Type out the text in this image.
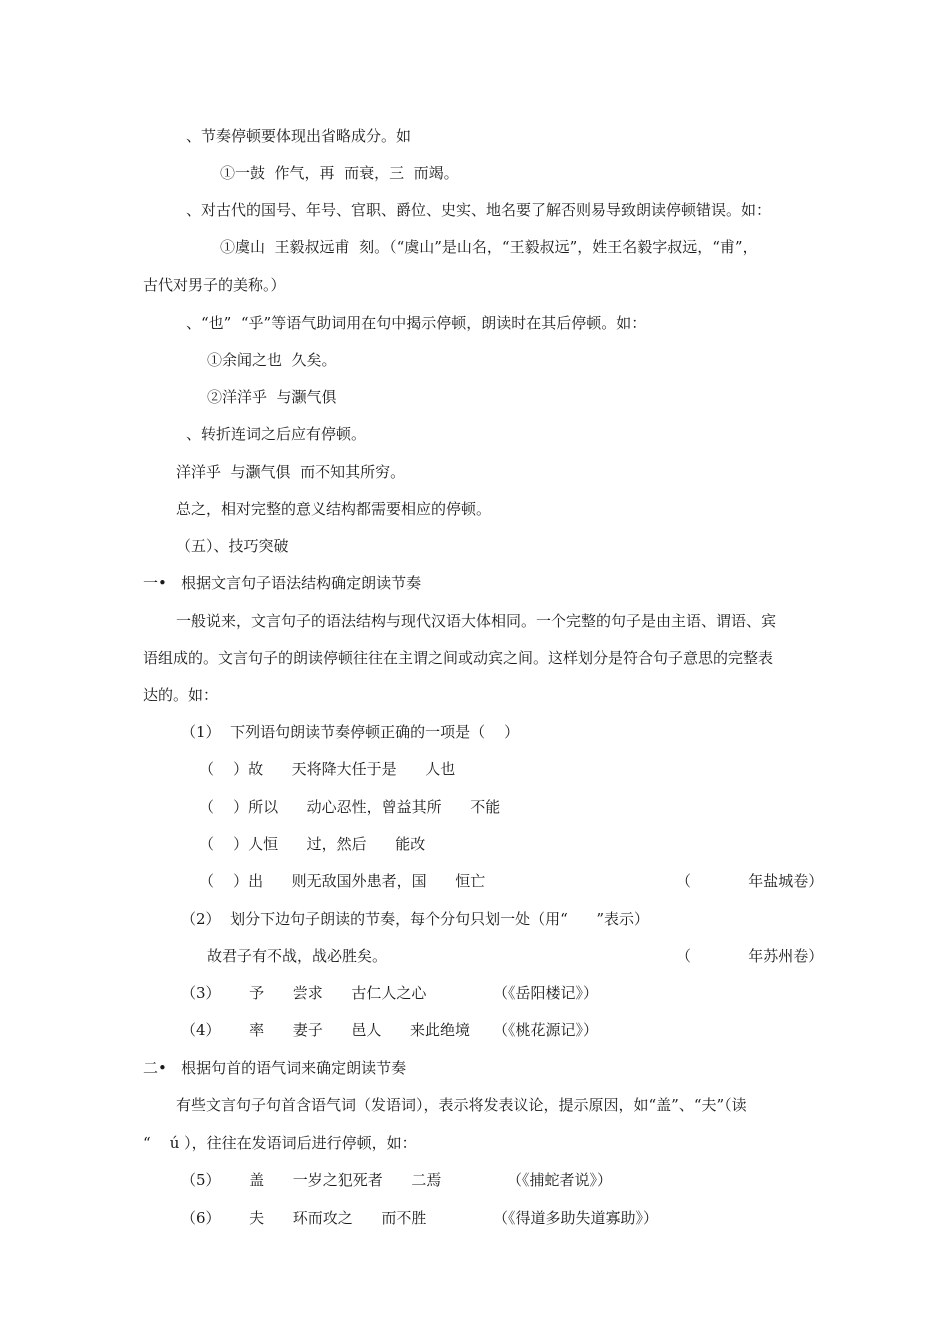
、节奏停顿要体现出省略成分。如
①一鼓  作气，再  而衰，三  而竭。
、对古代的国号、年号、官职、爵位、史实、地名要了解否则易导致朗读停顿错误。如：
①虞山  王毅叔远甫  刻。（“虞山”是山名，“王毅叔远”，姓王名毅字叔远，“甫”，
古代对男子的美称。）
、“也”  “乎”等语气助词用在句中揭示停顿，朗读时在其后停顿。如：
①余闻之也  久矣。
②洋洋乎  与灏气俱
、转折连词之后应有停顿。
洋洋乎  与灏气俱  而不知其所穷。
总之，相对完整的意义结构都需要相应的停顿。
（五）、技巧突破
一•   根据文言句子语法结构确定朗读节奏
一般说来，文言句子的语法结构与现代汉语大体相同。一个完整的句子是由主语、谓语、宾
语组成的。文言句子的朗读停顿往往在主谓之间或动宾之间。这样划分是符合句子意思的完整表
达的。如：
（1）  下列语句朗读节奏停顿正确的一项是（    ）
（    ）故      天将降大任于是      人也
（    ）所以      动心忍性，曾益其所      不能
（    ）人恒      过，然后      能改
（    ）出      则无敌国外患者，国      恒亡	（            年盐城卷）
（2）  划分下边句子朗读的节奏，每个分句只划一处（用“      ”表示）
故君子有不战，战必胜矣。	（            年苏州卷）
（3）      予      尝求      古仁人之心	（《岳阳楼记》）
（4）      率      妻子      邑人      来此绝境 （《桃花源记》）
二•   根据句首的语气词来确定朗读节奏
有些文言句子句首含语气词（发语词），表示将发表议论，提示原因，如“盖”、“夫”（读
“    ú ），往往在发语词后进行停顿，如：
（5）      盖      一岁之犯死者      二焉	（《捕蛇者说》）
（6）      夫      环而攻之      而不胜	（《得道多助失道寡助》）
